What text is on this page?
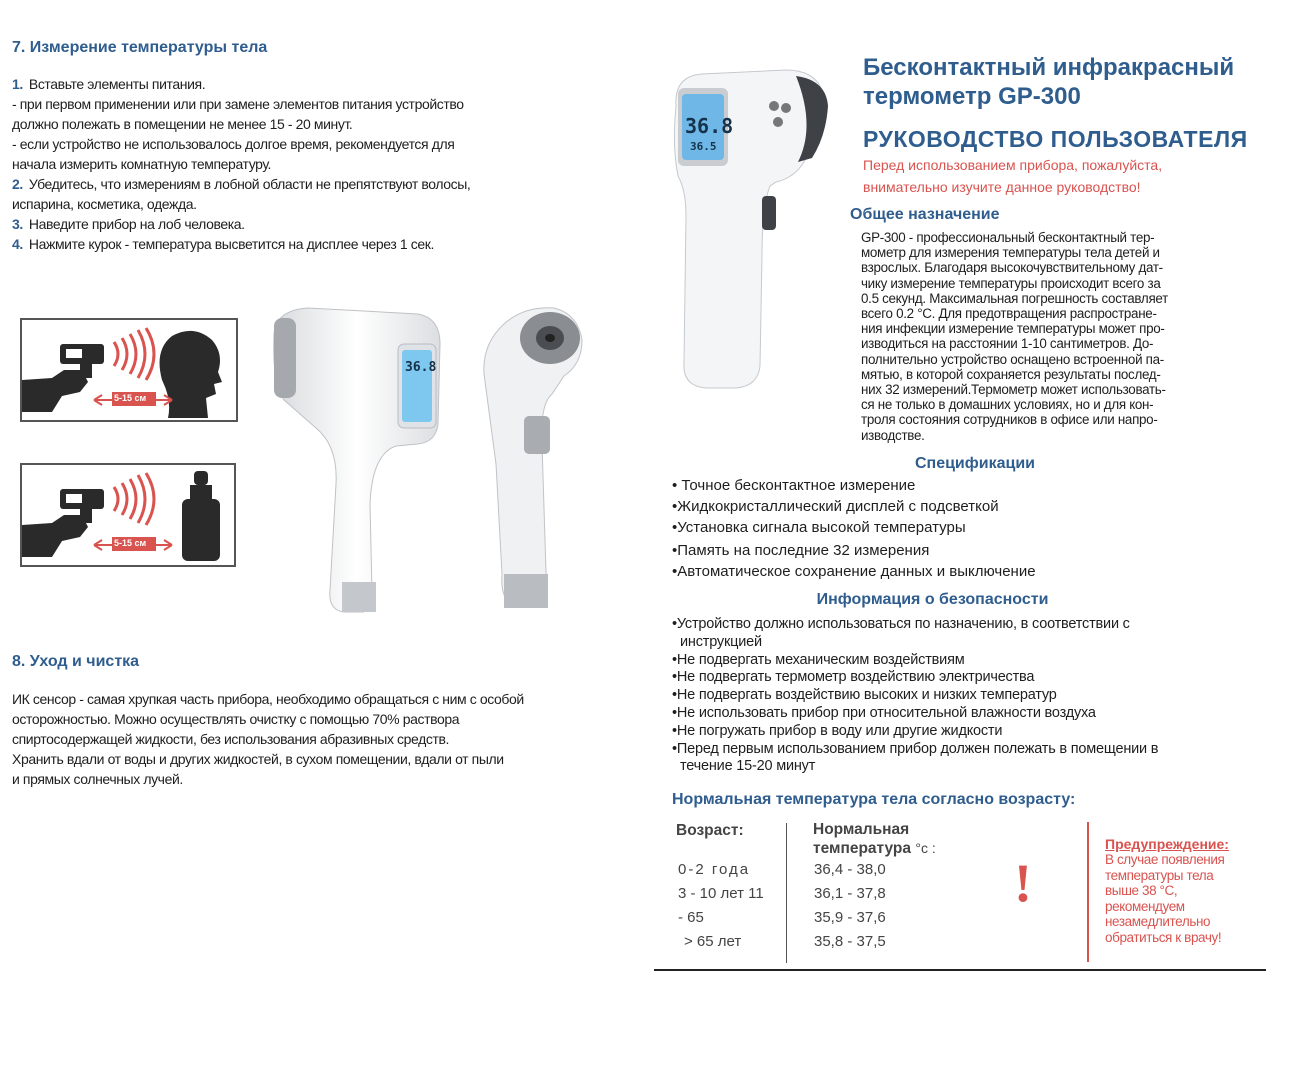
7. Измерение температуры тела
1. Вставьте элементы питания.
- при первом применении или при замене элементов питания устройство
должно полежать в помещении не менее 15 - 20 минут.
- если устройство не использовалось долгое время, рекомендуется для
начала измерить комнатную температуру.
2. Убедитесь, что измерениям в лобной области не препятствуют волосы,
испарина, косметика, одежда.
3. Наведите прибор на лоб человека.
4. Нажмите курок - температура высветится на дисплее через 1 сек.
5-15 см
5-15 см
36.8
8. Уход и чистка
ИК сенсор - самая хрупкая часть прибора, необходимо обращаться с ним с особой
осторожностью. Можно осуществлять очистку с помощью 70% раствора
спиртосодержащей жидкости, без использования абразивных средств.
Хранить вдали от воды и других жидкостей, в сухом помещении, вдали от пыли
и прямых солнечных лучей.
36.8
36.5
Бесконтактный инфракрасный
термометр GP-300
РУКОВОДСТВО ПОЛЬЗОВАТЕЛЯ
Перед использованием прибора, пожалуйста,
внимательно изучите данное руководство!
Общее назначение
GP-300 - профессиональный бесконтактный тер-
мометр для измерения температуры тела детей и
взрослых. Благодаря высокочувствительному дат-
чику измерение температуры происходит всего за
0.5 секунд. Максимальная погрешность составляет
всего 0.2 °С. Для предотвращения распростране-
ния инфекции измерение температуры может про-
изводиться на расстоянии 1-10 сантиметров. До-
полнительно устройство оснащено встроенной па-
мятью, в которой сохраняется результаты послед-
них 32 измерений.Термометр может использовать-
ся не только в домашних условиях, но и для кон-
троля состояния сотрудников в офисе или напро-
изводстве.
Спецификации
• Точное бесконтактное измерение
•Жидкокристаллический дисплей с подсветкой
•Установка сигнала высокой температуры
•Память на последние 32 измерения
•Автоматическое сохранение данных и выключение
Информация о безопасности
•Устройство должно использоваться по назначению, в соответствии с
инструкцией
•Не подвергать механическим воздействиям
•Не подвергать термометр воздействию электричества
•Не подвергать воздействию высоких и низких температур
•Не использовать прибор при относительной влажности воздуха
•Не погружать прибор в воду или другие жидкости
•Перед первым использованием прибор должен полежать в помещении в
течение 15-20 минут
Нормальная температура тела согласно возрасту:
Возраст:	Нормальная
температура °с :
0-2 года
3 - 10 лет 11
- 65
> 65 лет
36,4 - 38,0
36,1 - 37,8
35,9 - 37,6
35,8 - 37,5
!
Предупреждение:
В случае появления
температуры тела
выше 38 °С,
рекомендуем
незамедлительно
обратиться к врачу!
